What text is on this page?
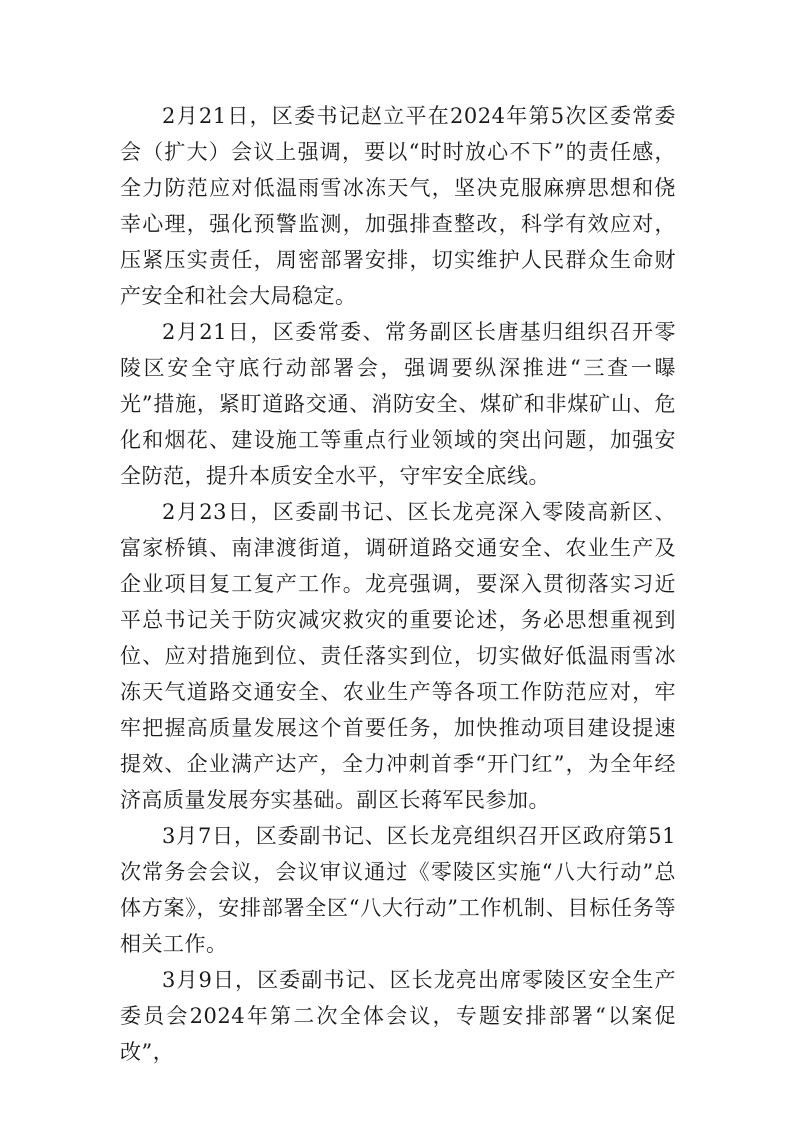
2月21日，区委书记赵立平在2024年第5次区委常委会（扩大）会议上强调，要以“时时放心不下”的责任感，全力防范应对低温雨雪冰冻天气，坚决克服麻痹思想和侥幸心理，强化预警监测，加强排查整改，科学有效应对，压紧压实责任，周密部署安排，切实维护人民群众生命财产安全和社会大局稳定。

2月21日，区委常委、常务副区长唐基归组织召开零陵区安全守底行动部署会，强调要纵深推进“三查一曝光”措施，紧盯道路交通、消防安全、煤矿和非煤矿山、危化和烟花、建设施工等重点行业领域的突出问题，加强安全防范，提升本质安全水平，守牢安全底线。

2月23日，区委副书记、区长龙亮深入零陵高新区、富家桥镇、南津渡街道，调研道路交通安全、农业生产及企业项目复工复产工作。龙亮强调，要深入贯彻落实习近平总书记关于防灾减灾救灾的重要论述，务必思想重视到位、应对措施到位、责任落实到位，切实做好低温雨雪冰冻天气道路交通安全、农业生产等各项工作防范应对，牢牢把握高质量发展这个首要任务，加快推动项目建设提速提效、企业满产达产，全力冲刺首季“开门红”，为全年经济高质量发展夯实基础。副区长蒋军民参加。

3月7日，区委副书记、区长龙亮组织召开区政府第51次常务会会议，会议审议通过《零陵区实施“八大行动”总体方案》，安排部署全区“八大行动”工作机制、目标任务等相关工作。

3月9日，区委副书记、区长龙亮出席零陵区安全生产委员会2024年第二次全体会议，专题安排部署“以案促改”，
